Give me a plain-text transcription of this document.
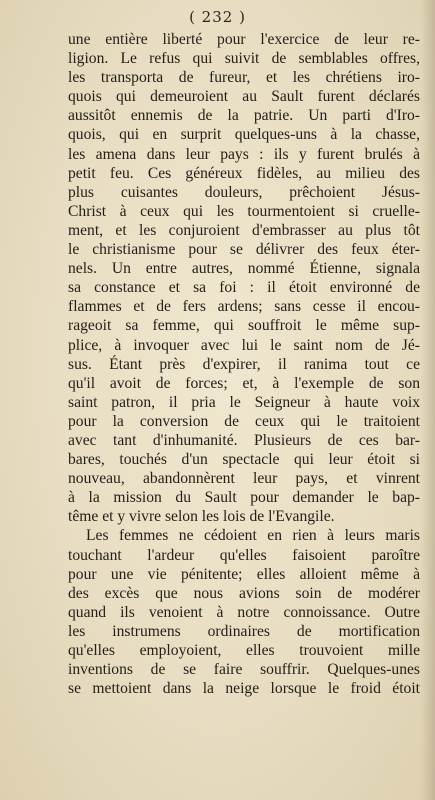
( 232 )
une entière liberté pour l'exercice de leur re-
ligion. Le refus qui suivit de semblables offres,
les transporta de fureur, et les chrétiens iro-
quois qui demeuroient au Sault furent déclarés
aussitôt ennemis de la patrie. Un parti d'Iro-
quois, qui en surprit quelques-uns à la chasse,
les amena dans leur pays : ils y furent brulés à
petit feu. Ces généreux fidèles, au milieu des
plus cuisantes douleurs, prêchoient Jésus-
Christ à ceux qui les tourmentoient si cruelle-
ment, et les conjuroient d'embrasser au plus tôt
le christianisme pour se délivrer des feux éter-
nels. Un entre autres, nommé Étienne, signala
sa constance et sa foi : il étoit environné de
flammes et de fers ardens; sans cesse il encou-
rageoit sa femme, qui souffroit le même sup-
plice, à invoquer avec lui le saint nom de Jé-
sus. Étant près d'expirer, il ranima tout ce
qu'il avoit de forces; et, à l'exemple de son
saint patron, il pria le Seigneur à haute voix
pour la conversion de ceux qui le traitoient
avec tant d'inhumanité. Plusieurs de ces bar-
bares, touchés d'un spectacle qui leur étoit si
nouveau, abandonnèrent leur pays, et vinrent
à la mission du Sault pour demander le bap-
tême et y vivre selon les lois de l'Evangile.
Les femmes ne cédoient en rien à leurs maris
touchant l'ardeur qu'elles faisoient paroître
pour une vie pénitente; elles alloient même à
des excès que nous avions soin de modérer
quand ils venoient à notre connoissance. Outre
les instrumens ordinaires de mortification
qu'elles employoient, elles trouvoient mille
inventions de se faire souffrir. Quelques-unes
se mettoient dans la neige lorsque le froid étoit
